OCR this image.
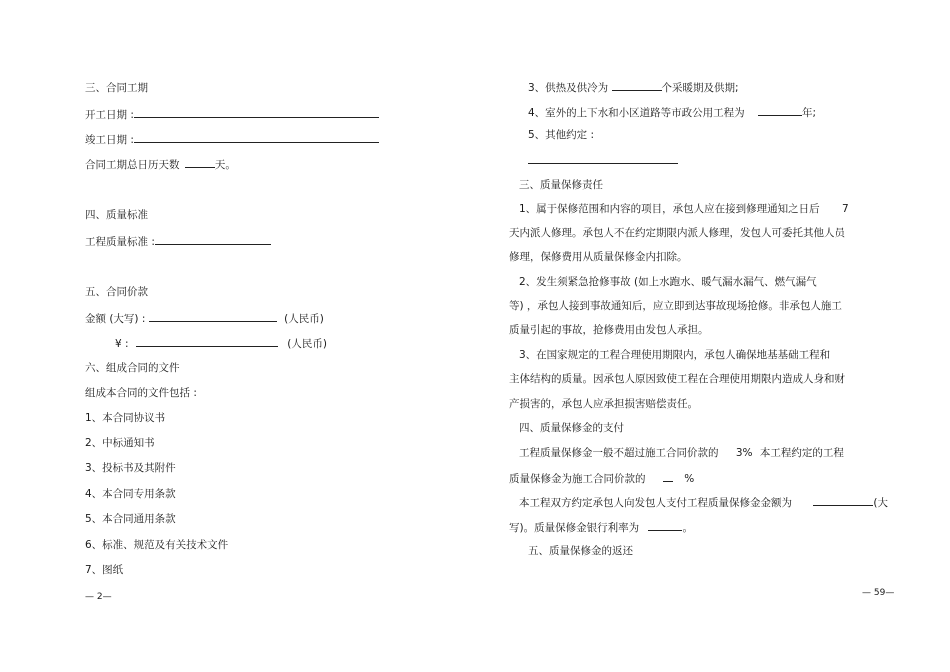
三、合同工期
开工日期 :
竣工日期 :
合同工期总日历天数	天。
四、质量标准
工程质量标准 :
五、合同价款
金额 (大写) :	(人民币)
¥ :	(人民币)
六、组成合同的文件
组成本合同的文件包括 :
1、本合同协议书
2、中标通知书
3、投标书及其附件
4、本合同专用条款
5、本合同通用条款
6、标准、规范及有关技术文件
7、图纸
— 2—
3、供热及供冷为	个采暖期及供期;
4、室外的上下水和小区道路等市政公用工程为	年;
5、其他约定 :
三、质量保修责任
1、属于保修范围和内容的项目，承包人应在接到修理通知之日后 7
天内派人修理。承包人不在约定期限内派人修理，发包人可委托其他人员
修理，保修费用从质量保修金内扣除。
2、发生须紧急抢修事故 (如上水跑水、暖气漏水漏气、燃气漏气
等) ，承包人接到事故通知后，应立即到达事故现场抢修。非承包人施工
质量引起的事故，抢修费用由发包人承担。
3、在国家规定的工程合理使用期限内，承包人确保地基基础工程和
主体结构的质量。因承包人原因致使工程在合理使用期限内造成人身和财
产损害的，承包人应承担损害赔偿责任。
四、质量保修金的支付
工程质量保修金一般不超过施工合同价款的 3% 本工程约定的工程
质量保修金为施工合同价款的	%
本工程双方约定承包人向发包人支付工程质量保修金金额为	(大
写)。质量保修金银行利率为	。
五、质量保修金的返还
— 59—
